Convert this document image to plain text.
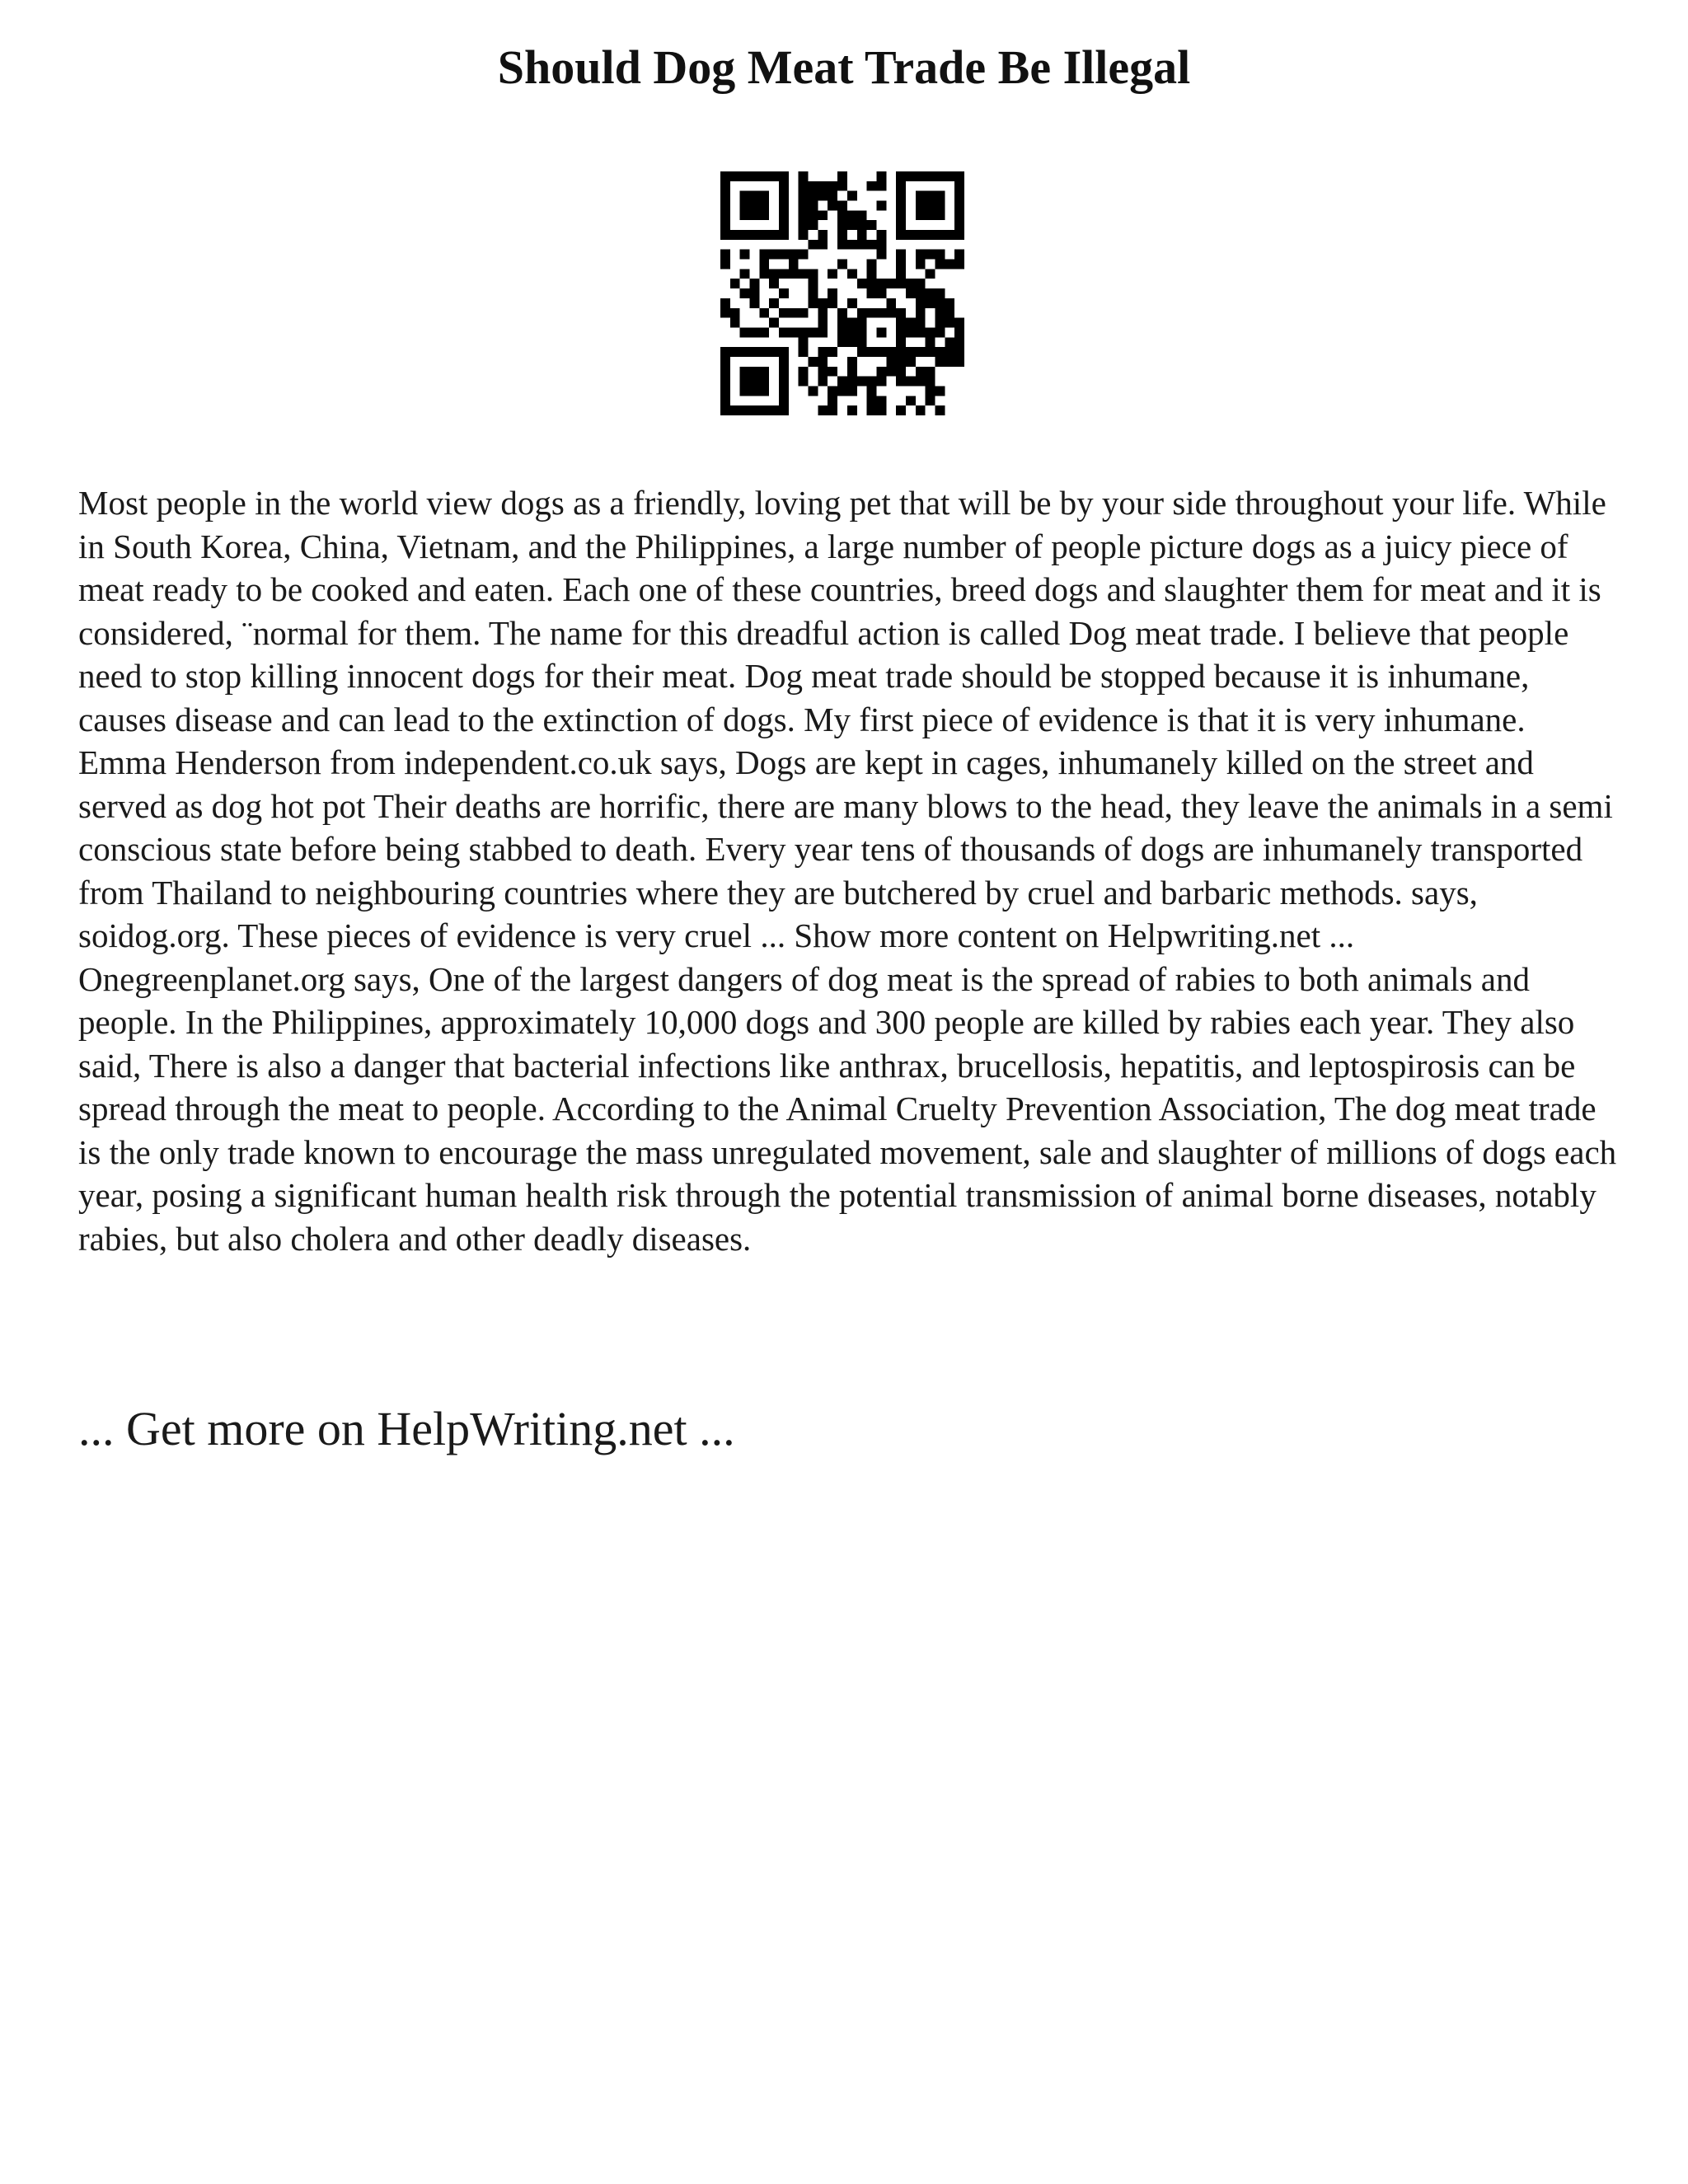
Should Dog Meat Trade Be Illegal

Most people in the world view dogs as a friendly, loving pet that will be by your side throughout your life. While in South Korea, China, Vietnam, and the Philippines, a large number of people picture dogs as a juicy piece of meat ready to be cooked and eaten. Each one of these countries, breed dogs and slaughter them for meat and it is considered, ¨normal for them. The name for this dreadful action is called Dog meat trade. I believe that people need to stop killing innocent dogs for their meat. Dog meat trade should be stopped because it is inhumane, causes disease and can lead to the extinction of dogs. My first piece of evidence is that it is very inhumane. Emma Henderson from independent.co.uk says, Dogs are kept in cages, inhumanely killed on the street and served as dog hot pot Their deaths are horrific, there are many blows to the head, they leave the animals in a semi conscious state before being stabbed to death. Every year tens of thousands of dogs are inhumanely transported from Thailand to neighbouring countries where they are butchered by cruel and barbaric methods. says, soidog.org. These pieces of evidence is very cruel ... Show more content on Helpwriting.net ... Onegreenplanet.org says, One of the largest dangers of dog meat is the spread of rabies to both animals and people. In the Philippines, approximately 10,000 dogs and 300 people are killed by rabies each year. They also said, There is also a danger that bacterial infections like anthrax, brucellosis, hepatitis, and leptospirosis can be spread through the meat to people. According to the Animal Cruelty Prevention Association, The dog meat trade is the only trade known to encourage the mass unregulated movement, sale and slaughter of millions of dogs each year, posing a significant human health risk through the potential transmission of animal borne diseases, notably rabies, but also cholera and other deadly diseases.

... Get more on HelpWriting.net ...
